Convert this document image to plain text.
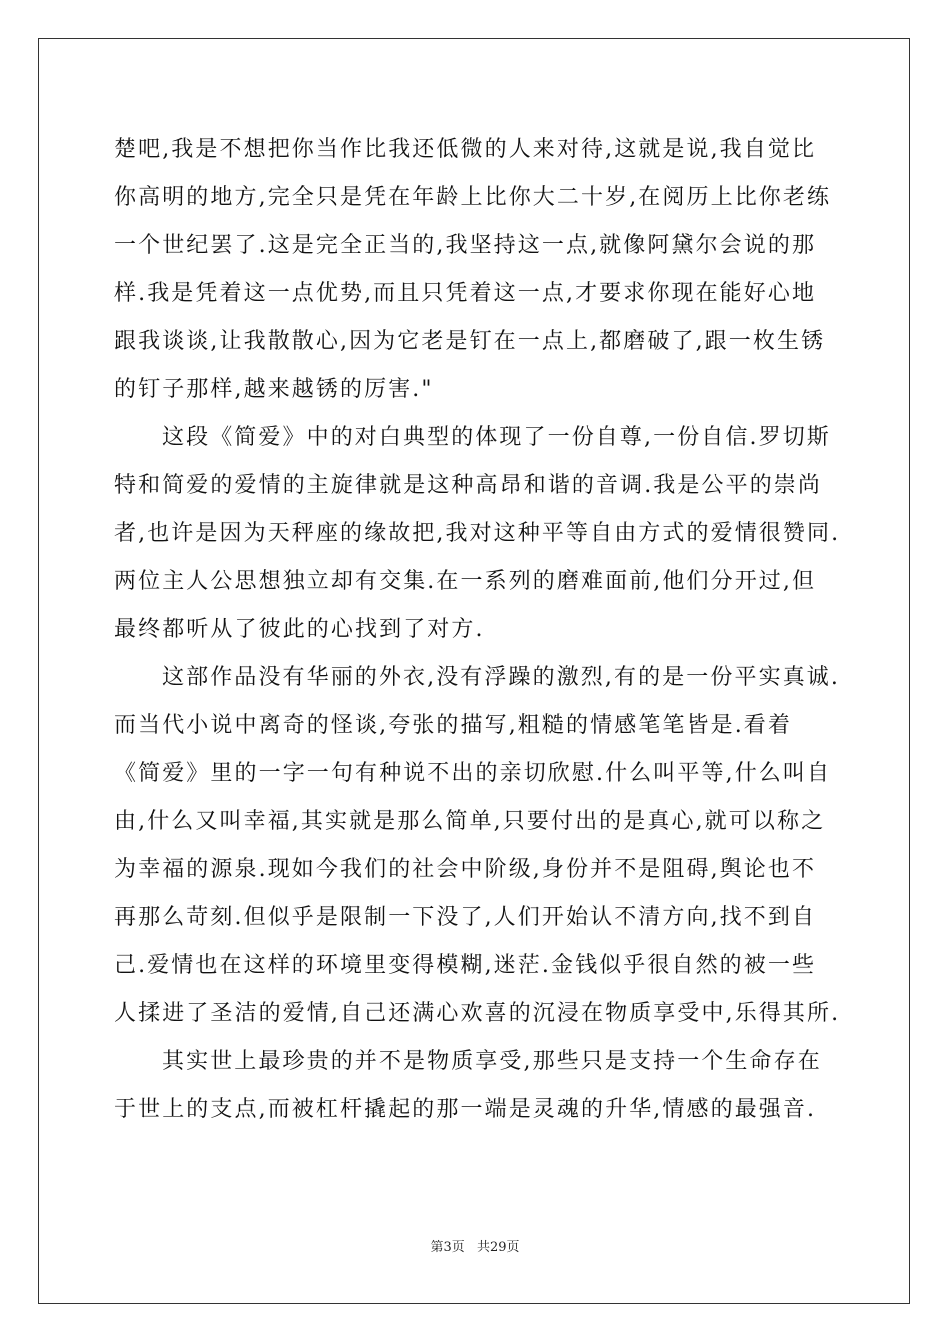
楚吧,我是不想把你当作比我还低微的人来对待,这就是说,我自觉比
你高明的地方,完全只是凭在年龄上比你大二十岁,在阅历上比你老练
一个世纪罢了.这是完全正当的,我坚持这一点,就像阿黛尔会说的那
样.我是凭着这一点优势,而且只凭着这一点,才要求你现在能好心地
跟我谈谈,让我散散心,因为它老是钉在一点上,都磨破了,跟一枚生锈
的钉子那样,越来越锈的厉害."
这段《简爱》中的对白典型的体现了一份自尊,一份自信.罗切斯
特和简爱的爱情的主旋律就是这种高昂和谐的音调.我是公平的崇尚
者,也许是因为天秤座的缘故把,我对这种平等自由方式的爱情很赞同.
两位主人公思想独立却有交集.在一系列的磨难面前,他们分开过,但
最终都听从了彼此的心找到了对方.
这部作品没有华丽的外衣,没有浮躁的激烈,有的是一份平实真诚.
而当代小说中离奇的怪谈,夸张的描写,粗糙的情感笔笔皆是.看着
《简爱》里的一字一句有种说不出的亲切欣慰.什么叫平等,什么叫自
由,什么又叫幸福,其实就是那么简单,只要付出的是真心,就可以称之
为幸福的源泉.现如今我们的社会中阶级,身份并不是阻碍,舆论也不
再那么苛刻.但似乎是限制一下没了,人们开始认不清方向,找不到自
己.爱情也在这样的环境里变得模糊,迷茫.金钱似乎很自然的被一些
人揉进了圣洁的爱情,自己还满心欢喜的沉浸在物质享受中,乐得其所.
其实世上最珍贵的并不是物质享受,那些只是支持一个生命存在
于世上的支点,而被杠杆撬起的那一端是灵魂的升华,情感的最强音.
第3页 共29页
